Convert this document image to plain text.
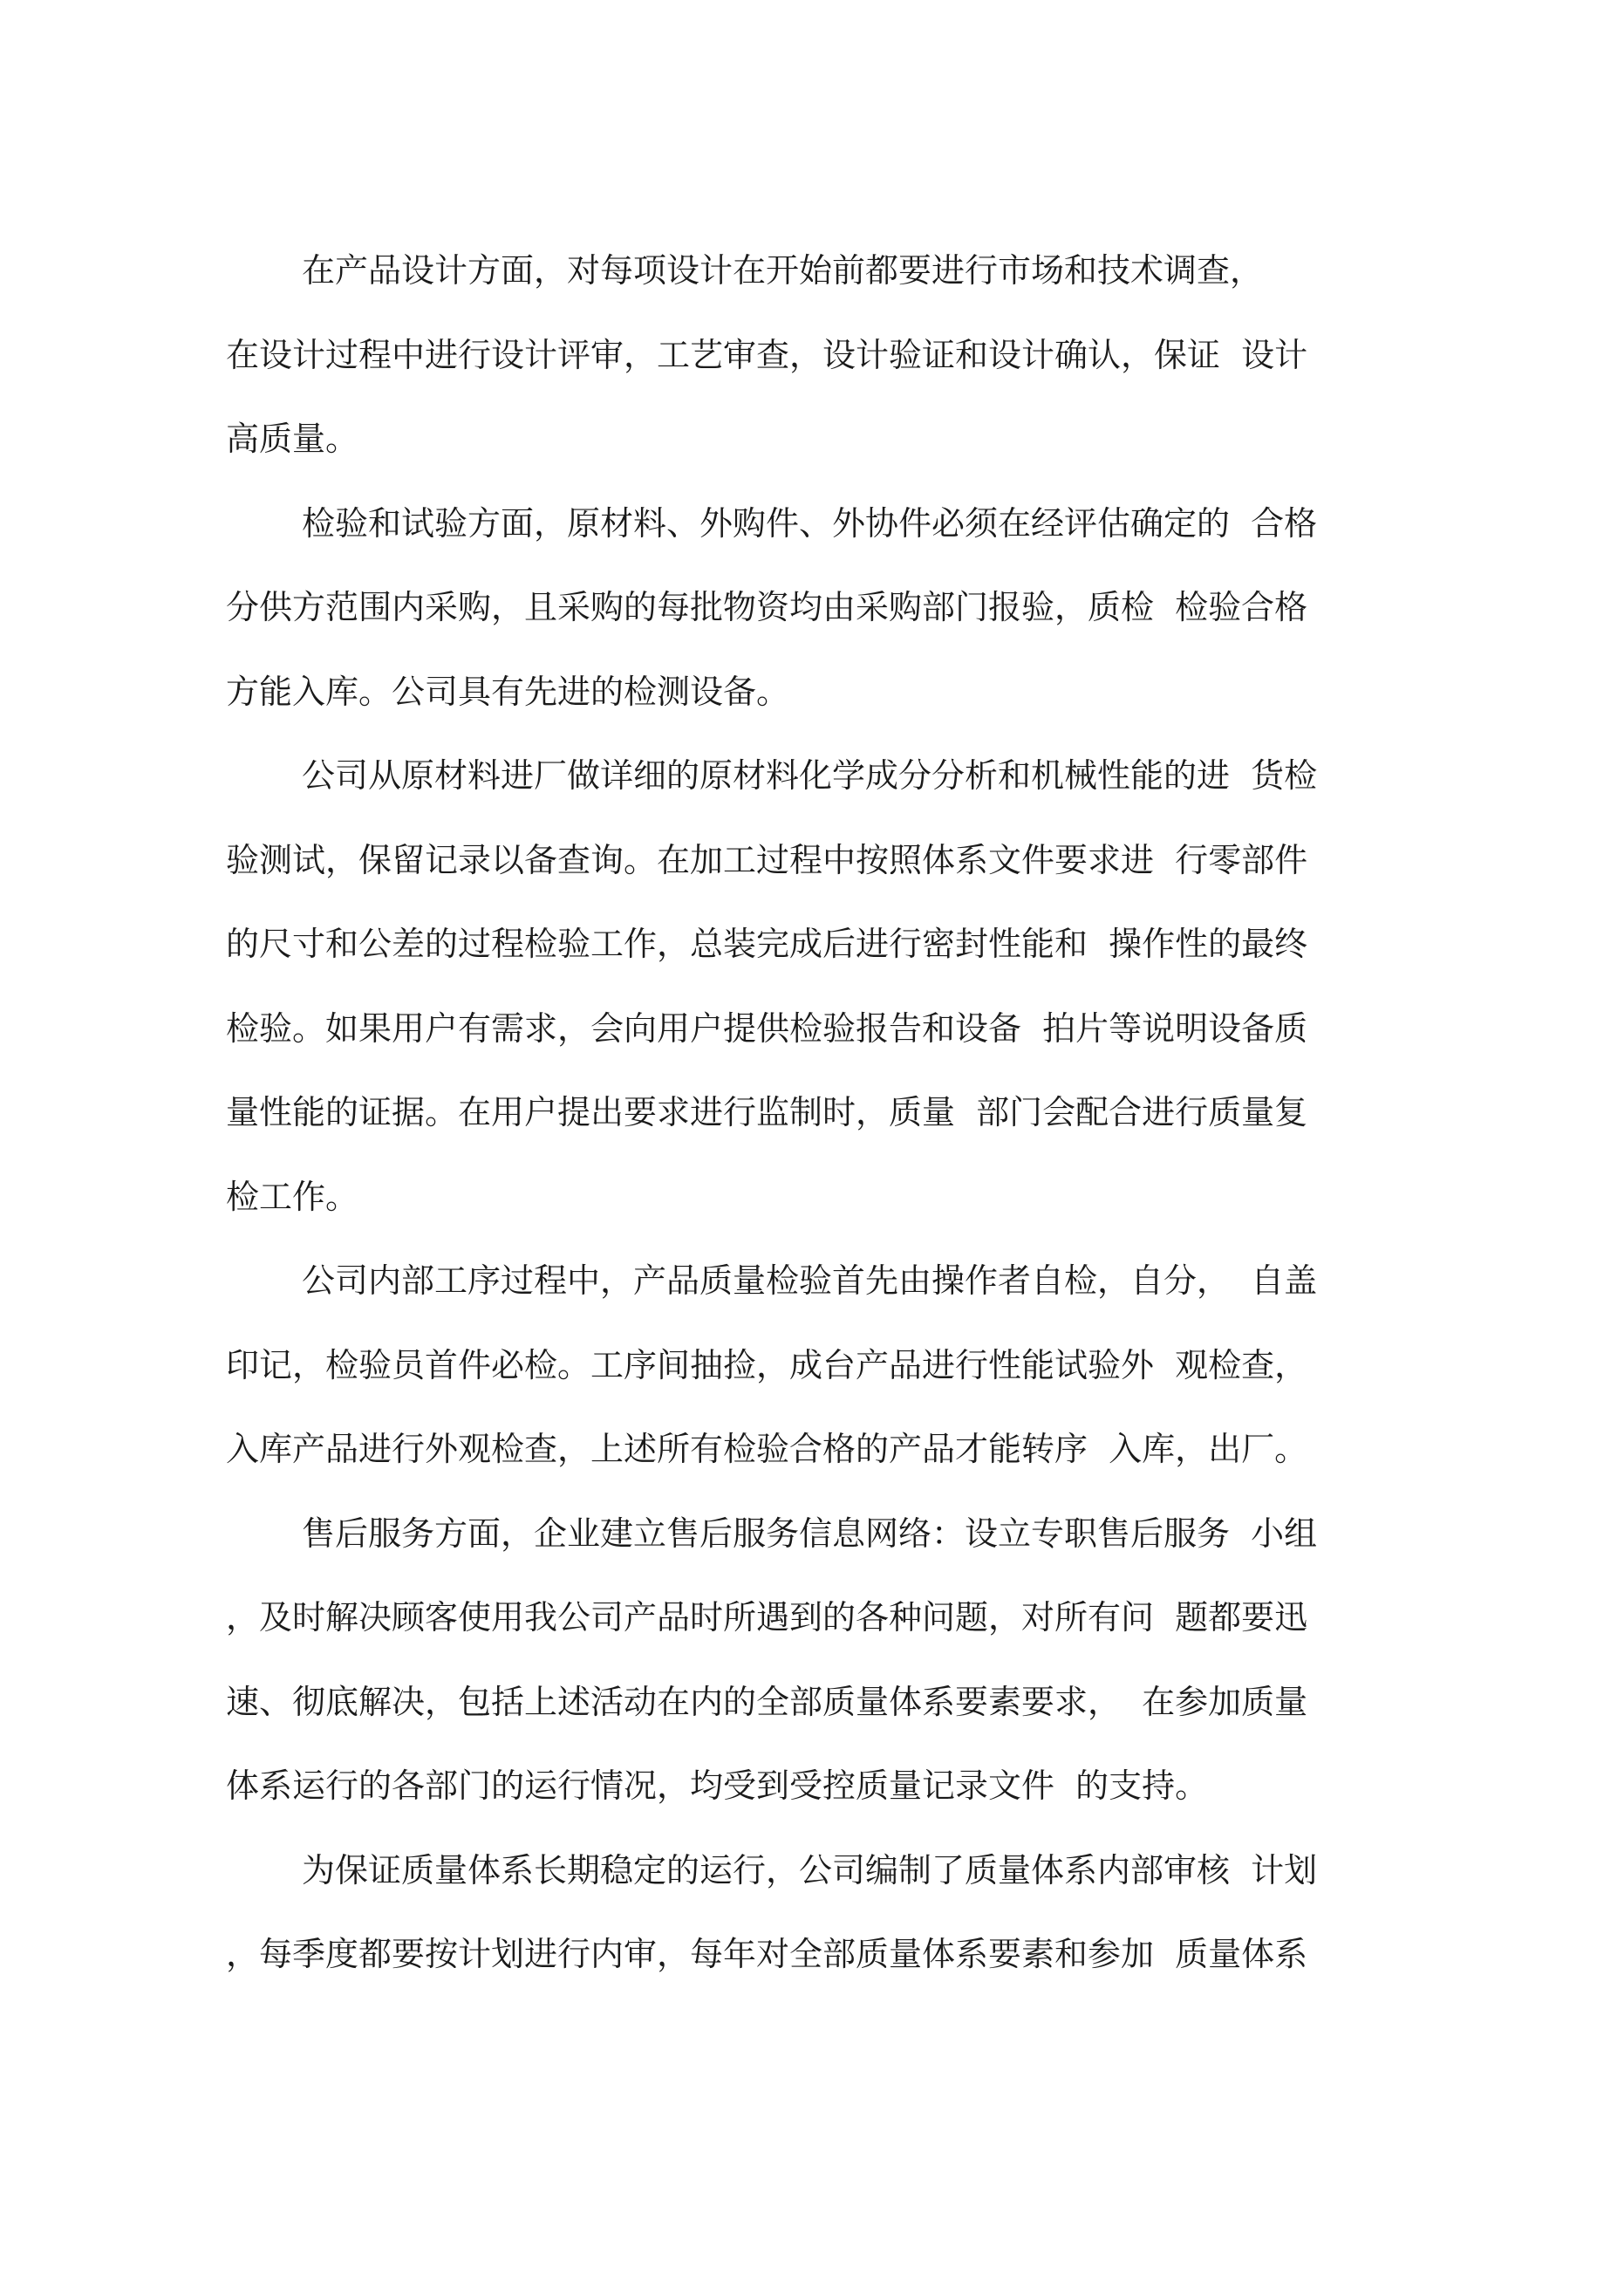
在产品设计方面，对每项设计在开始前都要进行市场和技术调查，
在设计过程中进行设计评审，工艺审查，设计验证和设计确认，保证  设计
高质量。
检验和试验方面，原材料、外购件、外协件必须在经评估确定的  合格
分供方范围内采购，且采购的每批物资均由采购部门报验，质检  检验合格
方能入库。公司具有先进的检测设备。
公司从原材料进厂做详细的原材料化学成分分析和机械性能的进  货检
验测试，保留记录以备查询。在加工过程中按照体系文件要求进  行零部件
的尺寸和公差的过程检验工作，总装完成后进行密封性能和  操作性的最终
检验。如果用户有需求，会向用户提供检验报告和设备  拍片等说明设备质
量性能的证据。在用户提出要求进行监制时，质量  部门会配合进行质量复
检工作。
公司内部工序过程中，产品质量检验首先由操作者自检，自分，  自盖
印记，检验员首件必检。工序间抽捡，成台产品进行性能试验外  观检查，
入库产品进行外观检查，上述所有检验合格的产品才能转序  入库，出厂。
售后服务方面，企业建立售后服务信息网络：设立专职售后服务  小组
，及时解决顾客使用我公司产品时所遇到的各种问题，对所有问  题都要迅
速、彻底解决，包括上述活动在内的全部质量体系要素要求，  在参加质量
体系运行的各部门的运行情况，均受到受控质量记录文件  的支持。
为保证质量体系长期稳定的运行，公司编制了质量体系内部审核  计划
，每季度都要按计划进行内审，每年对全部质量体系要素和参加  质量体系
